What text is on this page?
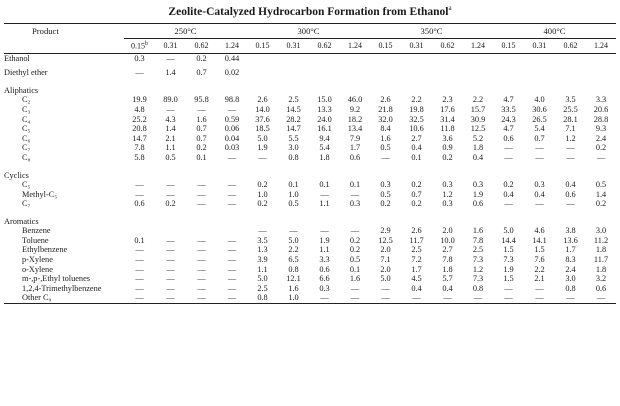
Zeolite-Catalyzed Hydrocarbon Formation from Ethanol$^a$

Product	250°C				300°C				350°C				400°C			

	0.15$^b$	0.31	0.62	1.24	0.15	0.31	0.62	1.24	0.15	0.31	0.62	1.24	0.15	0.31	0.62	1.24

Ethanol	0.3	—	0.2	0.44												

Diethyl ether	—	1.4	0.7	0.02												

Aliphatics																
C₂	19.9	89.0	95.8	98.8	2.6	2.5	15.0	46.0	2.6	2.2	2.3	2.2	4.7	4.0	3.5	3.3
C₃	4.8	—	—	—	14.0	14.5	13.3	9.2	21.8	19.8	17.6	15.7	33.5	30.6	25.5	20.6
C₄	25.2	4.3	1.6	0.59	37.6	28.2	24.0	18.2	32.0	32.5	31.4	30.9	24.3	26.5	28.1	28.8
C₅	20.8	1.4	0.7	0.06	18.5	14.7	16.1	13.4	8.4	10.6	11.8	12.5	4.7	5.4	7.1	9.3
C₆	14.7	2.1	0.7	0.04	5.0	5.5	9.4	7.9	1.6	2.7	3.6	5.2	0.6	0.7	1.2	2.4
C₇	7.8	1.1	0.2	0.03	1.9	3.0	5.4	1.7	0.5	0.4	0.9	1.8	—	—	—	0.2
C₈	5.8	0.5	0.1	—	—	0.8	1.8	0.6	—	0.1	0.2	0.4	—	—	—	—

Cyclics																
C₅	—	—	—	—	0.2	0.1	0.1	0.1	0.3	0.2	0.3	0.3	0.2	0.3	0.4	0.5
Methyl-C₅	—	—	—	—	1.0	1.0	—	—	0.5	0.7	1.2	1.9	0.4	0.4	0.6	1.4
C₇	0.6	0.2	—	—	0.2	0.5	1.1	0.3	0.2	0.2	0.3	0.6	—	—	—	0.2

Aromatics																
Benzene					—	—	—	—	2.9	2.6	2.0	1.6	5.0	4.6	3.8	3.0
Toluene	0.1	—	—	—	3.5	5.0	1.9	0.2	12.5	11.7	10.0	7.8	14.4	14.1	13.6	11.2
Ethylbenzene	—	—	—	—	1.3	2.2	1.1	0.2	2.0	2.5	2.7	2.5	1.5	1.5	1.7	1.8
p-Xylene	—	—	—	—	3.9	6.5	3.3	0.5	7.1	7.2	7.8	7.3	7.3	7.6	8.3	11.7
o-Xylene	—	—	—	—	1.1	0.8	0.6	0.1	2.0	1.7	1.8	1.2	1.9	2.2	2.4	1.8
m-,p-,Ethyl toluenes	—	—	—	—	5.0	12.1	6.6	1.6	5.0	4.5	5.7	7.3	1.5	2.1	3.0	3.2
1,2,4-Trimethylbenzene	—	—	—	—	2.5	1.6	0.3	—	—	0.4	0.4	0.8	—	—	0.8	0.6
Other C₉	—	—	—	—	0.8	1.0	—	—	—	—	—	—	—	—	—	—
